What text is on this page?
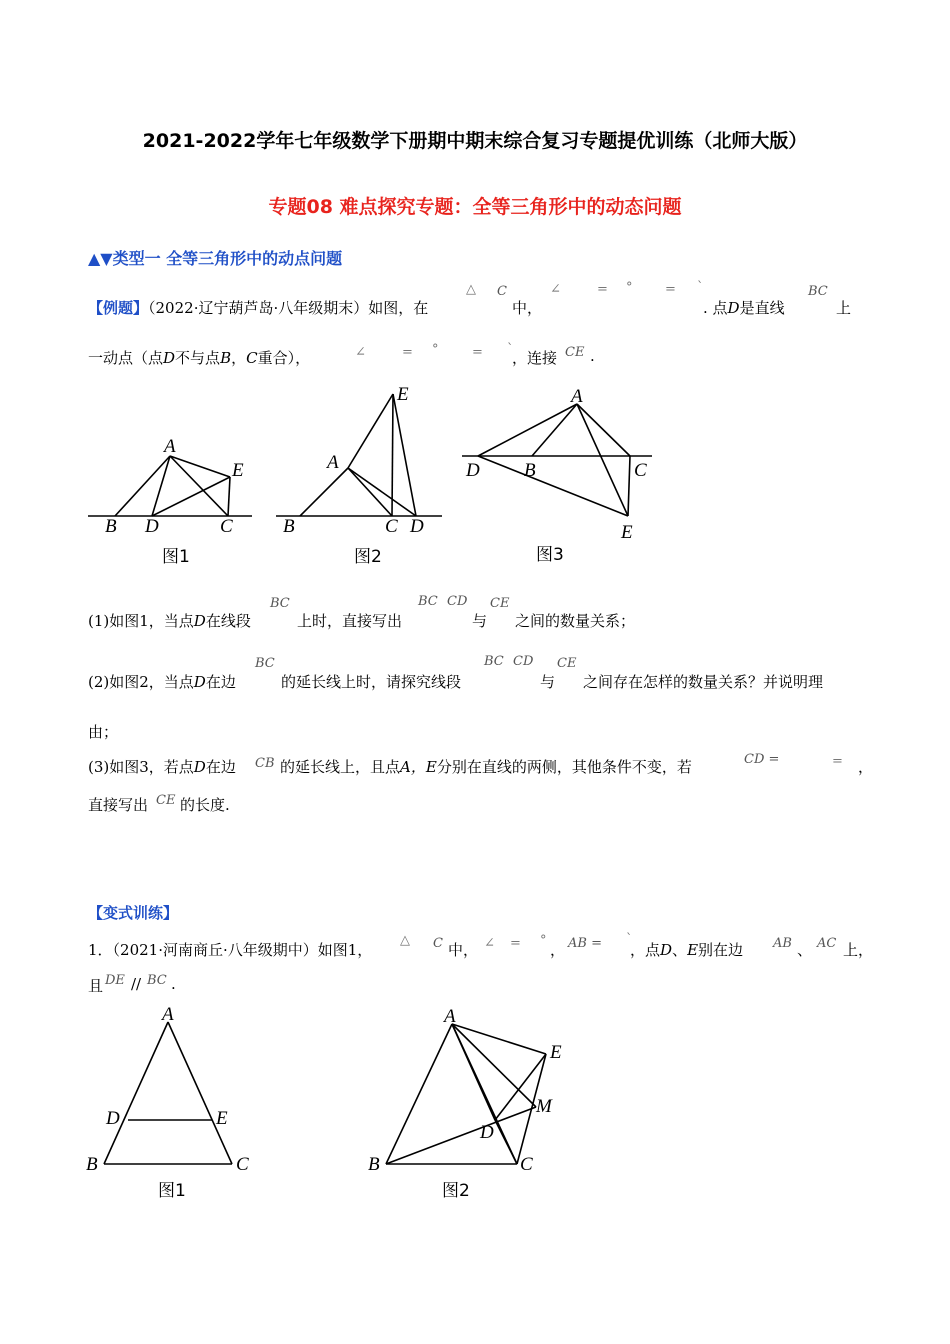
2021-2022学年七年级数学下册期中期末综合复习专题提优训练（北师大版）
专题08 难点探究专题：全等三角形中的动态问题
▲▼类型一 全等三角形中的动点问题
【例题】（2022·辽宁葫芦岛·八年级期末）如图，在
△ C
中，
∠	= °	= ˋ
. 点D是直线
BC
上
一动点（点D不与点B，C重合），	∠	= °	= ˋ
，连接 CE .
A
B D	C
E
图1
A
B	C D
E
图2
A
D B	C
E
图3
(1)如图1，当点D在线段
BC
上时，直接写出
BC CD
与
CE
之间的数量关系；
(2)如图2，当点D在边
BC
的延长线上时，请探究线段
BC CD
与
CE
之间存在怎样的数量关系？并说明理
由；
(3)如图3，若点D在边 CB 的延长线上，且点A，E分别在直线的两侧，其他条件不变，若	CD =	= ，
直接写出 CE 的长度.
【变式训练】
1．（2021·河南商丘·八年级期中）如图1，
△ C 中， ∠ = °
， AB = ˋ
，点D、E别在边 AB 、 AC 上，
且 DE // BC .
A
D	E
B	C
图1
A
E
M
D
B	C
图2
